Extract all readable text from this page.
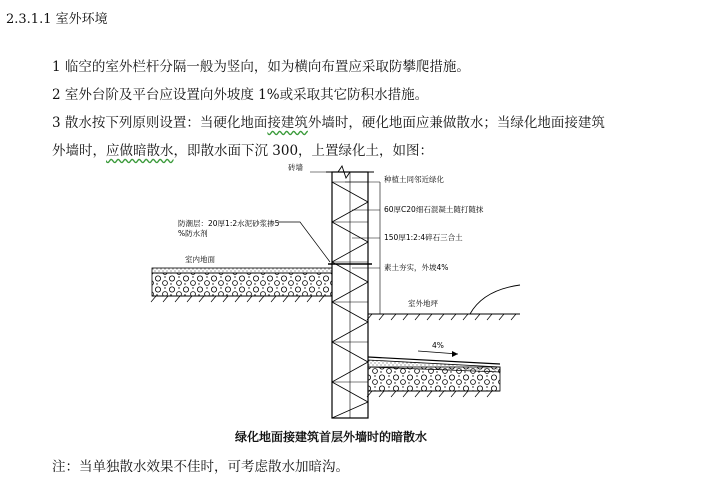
2.3.1.1 室外环境
1 临空的室外栏杆分隔一般为竖向，如为横向布置应采取防攀爬措施。
2 室外台阶及平台应设置向外坡度 1%或采取其它防积水措施。
3 散水按下列原则设置：当硬化地面接建筑外墙时，硬化地面应兼做散水；当绿化地面接建筑
外墙时，应做暗散水，即散水面下沉 300，上置绿化土，如图：
砖墙
防潮层：20厚1:2水泥砂浆掺5
%防水剂
室内地面
种植土同邻近绿化
60厚C20细石混凝土随打随抹
150厚1:2:4碎石三合土
素土夯实，外坡4%
室外地坪
4%
绿化地面接建筑首层外墙时的暗散水
注：当单独散水效果不佳时，可考虑散水加暗沟。
